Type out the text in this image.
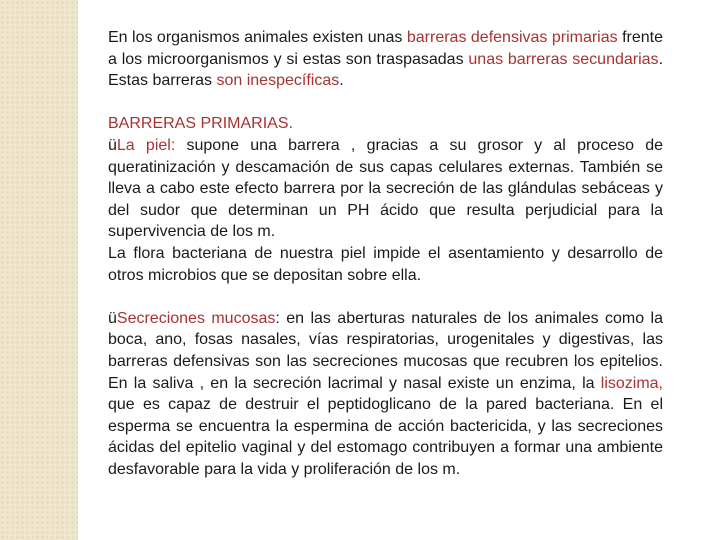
En los organismos animales existen unas barreras defensivas primarias frente a los microorganismos y si estas son traspasadas unas barreras secundarias. Estas barreras son inespecíficas.

BARRERAS PRIMARIAS.

üLa piel: supone una barrera , gracias a su grosor y al proceso de queratinización y descamación de sus capas celulares externas. También se lleva a cabo este efecto barrera por la secreción de las glándulas sebáceas y del sudor que determinan un PH ácido que resulta perjudicial para la supervivencia de los m.

La flora bacteriana de nuestra piel impide el asentamiento y desarrollo de otros microbios que se depositan sobre ella.

üSecreciones mucosas: en las aberturas naturales de los animales como la boca, ano, fosas nasales, vías respiratorias, urogenitales y digestivas, las barreras defensivas son las secreciones mucosas que recubren los epitelios. En la saliva , en la secreción lacrimal y nasal existe un enzima, la lisozima, que es capaz de destruir el peptidoglicano de la pared bacteriana. En el esperma se encuentra la espermina de acción bactericida, y las secreciones ácidas del epitelio vaginal y del estomago contribuyen a formar una ambiente desfavorable para la vida y proliferación de los m.
